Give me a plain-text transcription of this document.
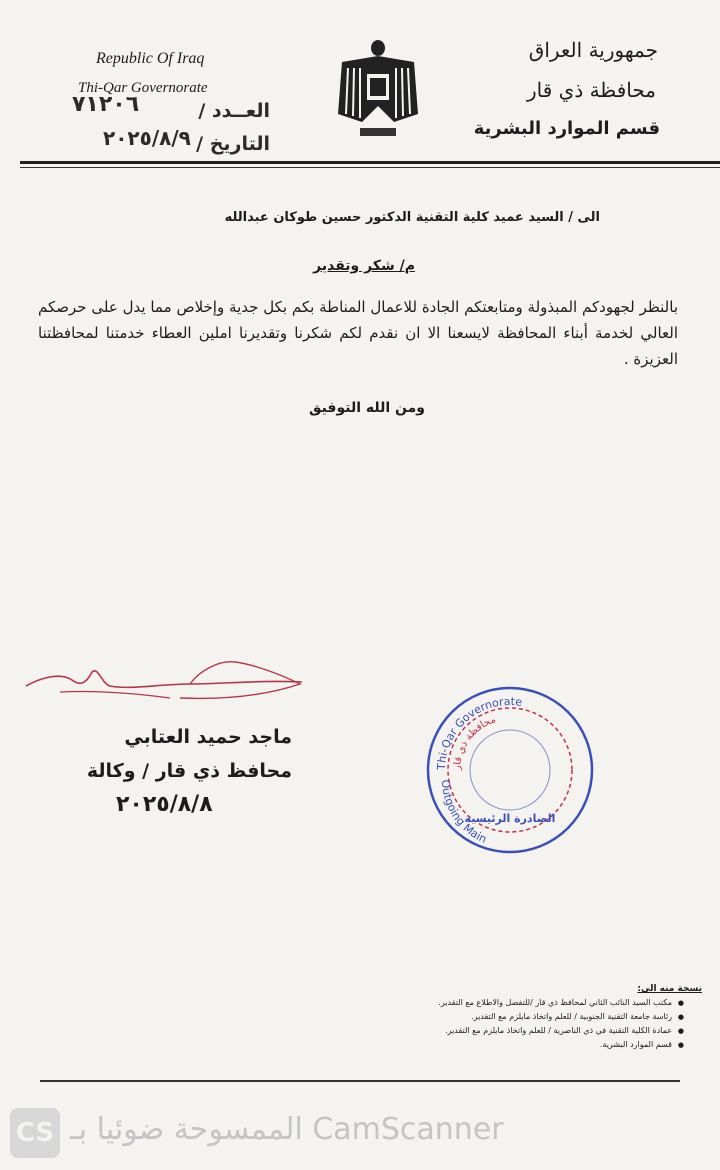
Republic Of Iraq
Thi-Qar Governorate
العــدد /
٧١٢٠٦
التاريخ /
٢٠٢٥/٨/٩
جمهورية العراق
محافظة ذي قار
قسم الموارد البشرية
الى / السيد عميد كلية التقنية الدكتور حسين طوكان عبدالله
م/ شكر وتقدير
بالنظر لجهودكم المبذولة ومتابعتكم الجادة للاعمال المناطة بكم بكل جدية وإخلاص مما يدل على حرصكم العالي لخدمة أبناء المحافظة لايسعنا الا ان نقدم لكم شكرنا وتقديرنا املين العطاء خدمتنا لمحافظتنا العزيزة .
ومن الله التوفيق
ماجد حميد العتابي
محافظ ذي قار / وكالة
٢٠٢٥/٨/٨
Thi-Qar Governorate
محافظة ذي قار
Outgoing Main
الصادرة الرئيسية
نسخة منه الى:
● مكتب السيد النائب الثاني لمحافظ ذي قار /للتفضل والاطلاع مع التقدير.
● رئاسة جامعة التقنية الجنوبية / للعلم واتخاذ مايلزم مع التقدير.
● عمادة الكلية التقنية في ذي الناصرية / للعلم واتخاذ مايلزم مع التقدير.
● قسم الموارد البشرية.
CS الممسوحة ضوئيا بـ CamScanner
